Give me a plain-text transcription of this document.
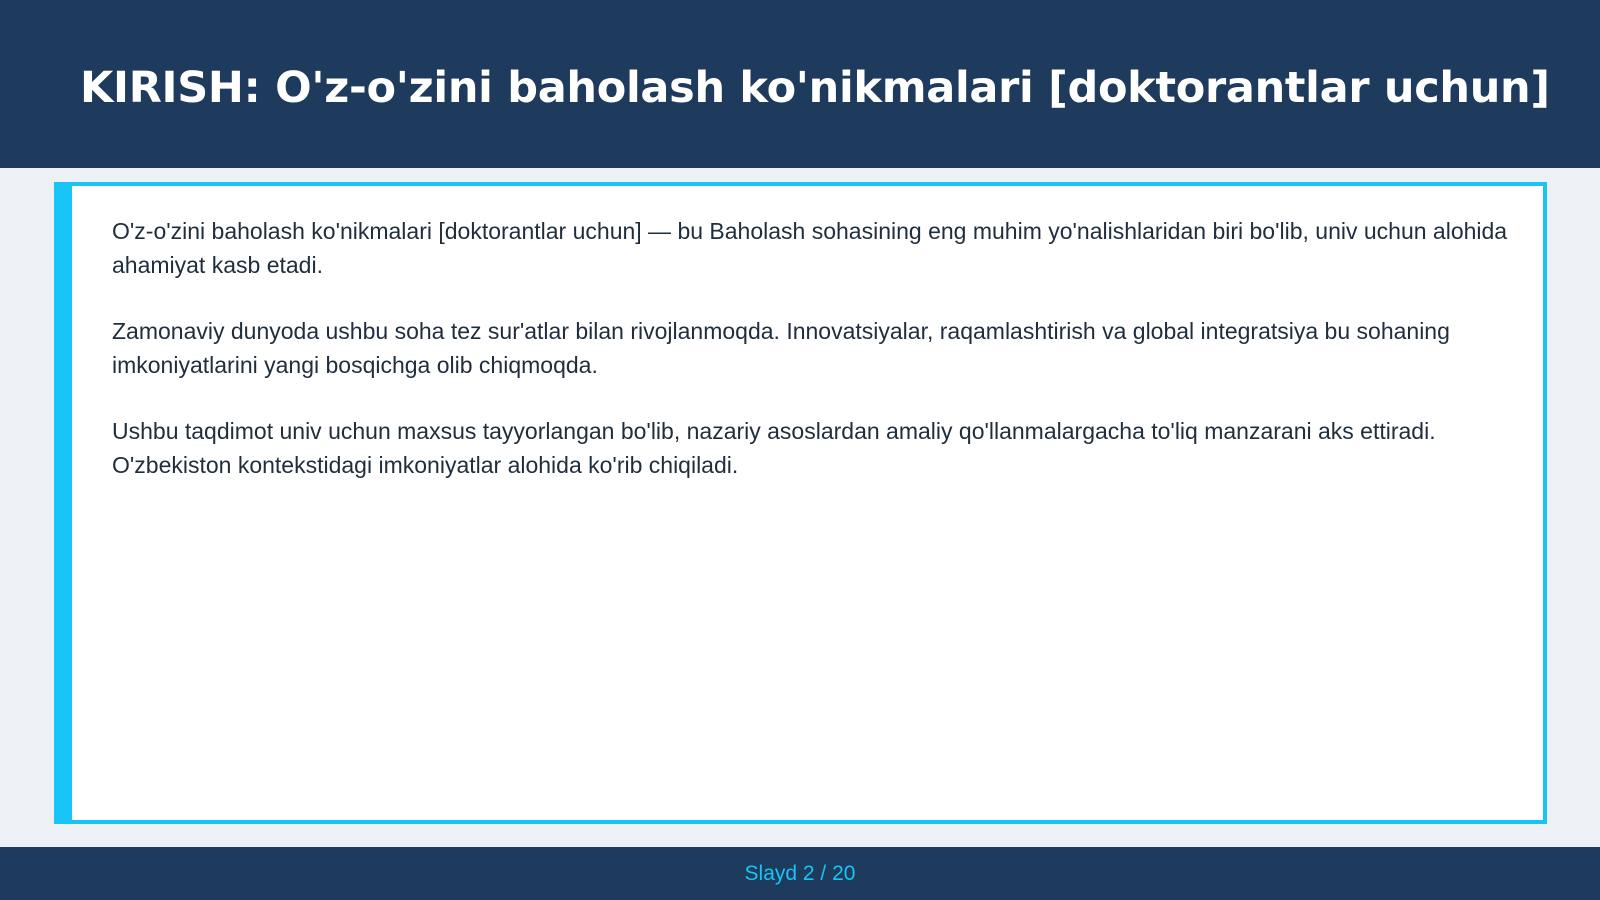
KIRISH: O'z-o'zini baholash ko'nikmalari [doktorantlar uchun]

O'z-o'zini baholash ko'nikmalari [doktorantlar uchun] — bu Baholash sohasining eng muhim yo'nalishlaridan biri bo'lib, univ uchun alohida ahamiyat kasb etadi.

Zamonaviy dunyoda ushbu soha tez sur'atlar bilan rivojlanmoqda. Innovatsiyalar, raqamlashtirish va global integratsiya bu sohaning imkoniyatlarini yangi bosqichga olib chiqmoqda.

Ushbu taqdimot univ uchun maxsus tayyorlangan bo'lib, nazariy asoslardan amaliy qo'llanmalargacha to'liq manzarani aks ettiradi. O'zbekiston kontekstidagi imkoniyatlar alohida ko'rib chiqiladi.

Slayd 2 / 20
